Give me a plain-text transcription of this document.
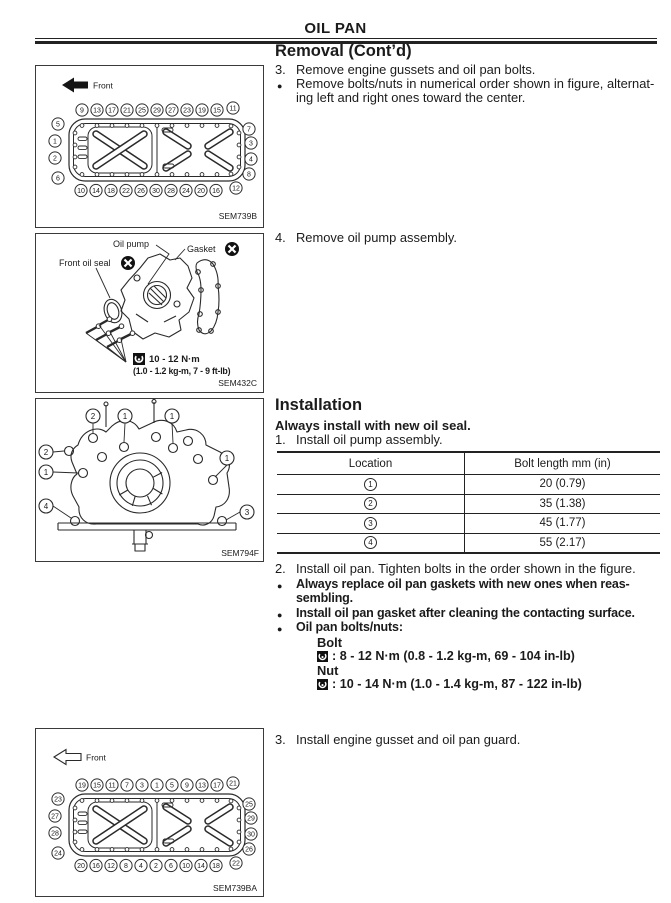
OIL PAN
Front
9 13 17 21 25 29 27 23 19 15 11
5
1
2
6
7
3
4
8
10 14 18 22 26 30 28 24 20 16 12
SEM739B
Oil pump	Gasket
Front oil seal
10 - 12 N·m
(1.0 - 1.2 kg-m, 7 - 9 ft-lb)
SEM432C
2	1	1
2
1
1
4
3
SEM794F
Front
19 15 11 7 3 1 5 9 13 17 21
23
27
28
24
25
29
30
26
20 16 12 8 4 2 6 10 14 18 22
SEM739BA
Removal (Cont’d)
3. Remove engine gussets and oil pan bolts.
●	Remove bolts/nuts in numerical order shown in figure, alternat-
ing left and right ones toward the center.
4. Remove oil pump assembly.
Installation
Always install with new oil seal.
1. Install oil pump assembly.
Location	Bolt length mm (in)
1	20 (0.79)
2	35 (1.38)
3	45 (1.77)
4	55 (2.17)
2. Install oil pan. Tighten bolts in the order shown in the figure.
●	Always replace oil pan gaskets with new ones when reas-
sembling.
●	Install oil pan gasket after cleaning the contacting surface.
●	Oil pan bolts/nuts:
Bolt
: 8 - 12 N·m (0.8 - 1.2 kg-m, 69 - 104 in-lb)
Nut
: 10 - 14 N·m (1.0 - 1.4 kg-m, 87 - 122 in-lb)
3. Install engine gusset and oil pan guard.
